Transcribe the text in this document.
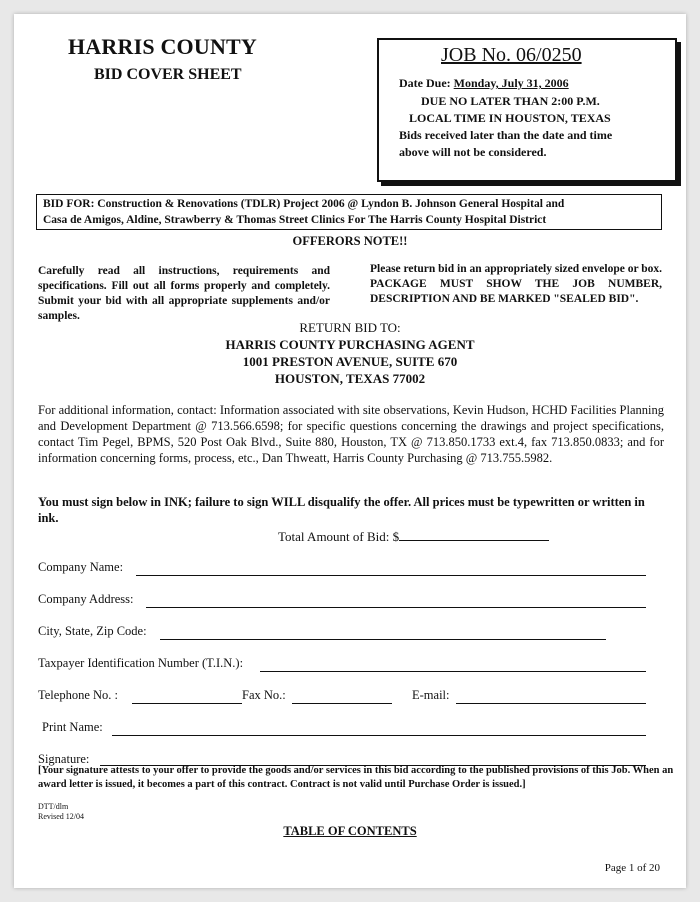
HARRIS COUNTY
BID COVER SHEET
JOB No. 06/0250
Date Due: Monday, July 31, 2006
DUE NO LATER THAN 2:00 P.M.
LOCAL TIME IN HOUSTON, TEXAS
Bids received later than the date and time
above will not be considered.
BID FOR: Construction & Renovations (TDLR) Project 2006 @ Lyndon B. Johnson General Hospital and
Casa de Amigos, Aldine, Strawberry & Thomas Street Clinics For The Harris County Hospital District
OFFERORS NOTE!!
Carefully read all instructions, requirements and specifications. Fill out all forms properly and completely. Submit your bid with all appropriate supplements and/or samples.
Please return bid in an appropriately sized envelope or box. PACKAGE MUST SHOW THE JOB NUMBER, DESCRIPTION AND BE MARKED "SEALED BID".
RETURN BID TO:
HARRIS COUNTY PURCHASING AGENT
1001 PRESTON AVENUE, SUITE 670
HOUSTON, TEXAS 77002
For additional information, contact: Information associated with site observations, Kevin Hudson, HCHD Facilities Planning and Development Department @ 713.566.6598; for specific questions concerning the drawings and project specifications, contact Tim Pegel, BPMS, 520 Post Oak Blvd., Suite 880, Houston, TX @ 713.850.1733 ext.4, fax 713.850.0833; and for information concerning forms, process, etc., Dan Thweatt, Harris County Purchasing @ 713.755.5982.
You must sign below in INK; failure to sign WILL disqualify the offer. All prices must be typewritten or written in ink.
Total Amount of Bid: $
Company Name:
Company Address:
City, State, Zip Code:
Taxpayer Identification Number (T.I.N.):
Telephone No. :	Fax No.:	E-mail:
Print Name:
Signature:
[Your signature attests to your offer to provide the goods and/or services in this bid according to the published provisions of this Job. When an award letter is issued, it becomes a part of this contract. Contract is not valid until Purchase Order is issued.]
DTT/dlm
Revised 12/04
TABLE OF CONTENTS
Page 1 of 20
